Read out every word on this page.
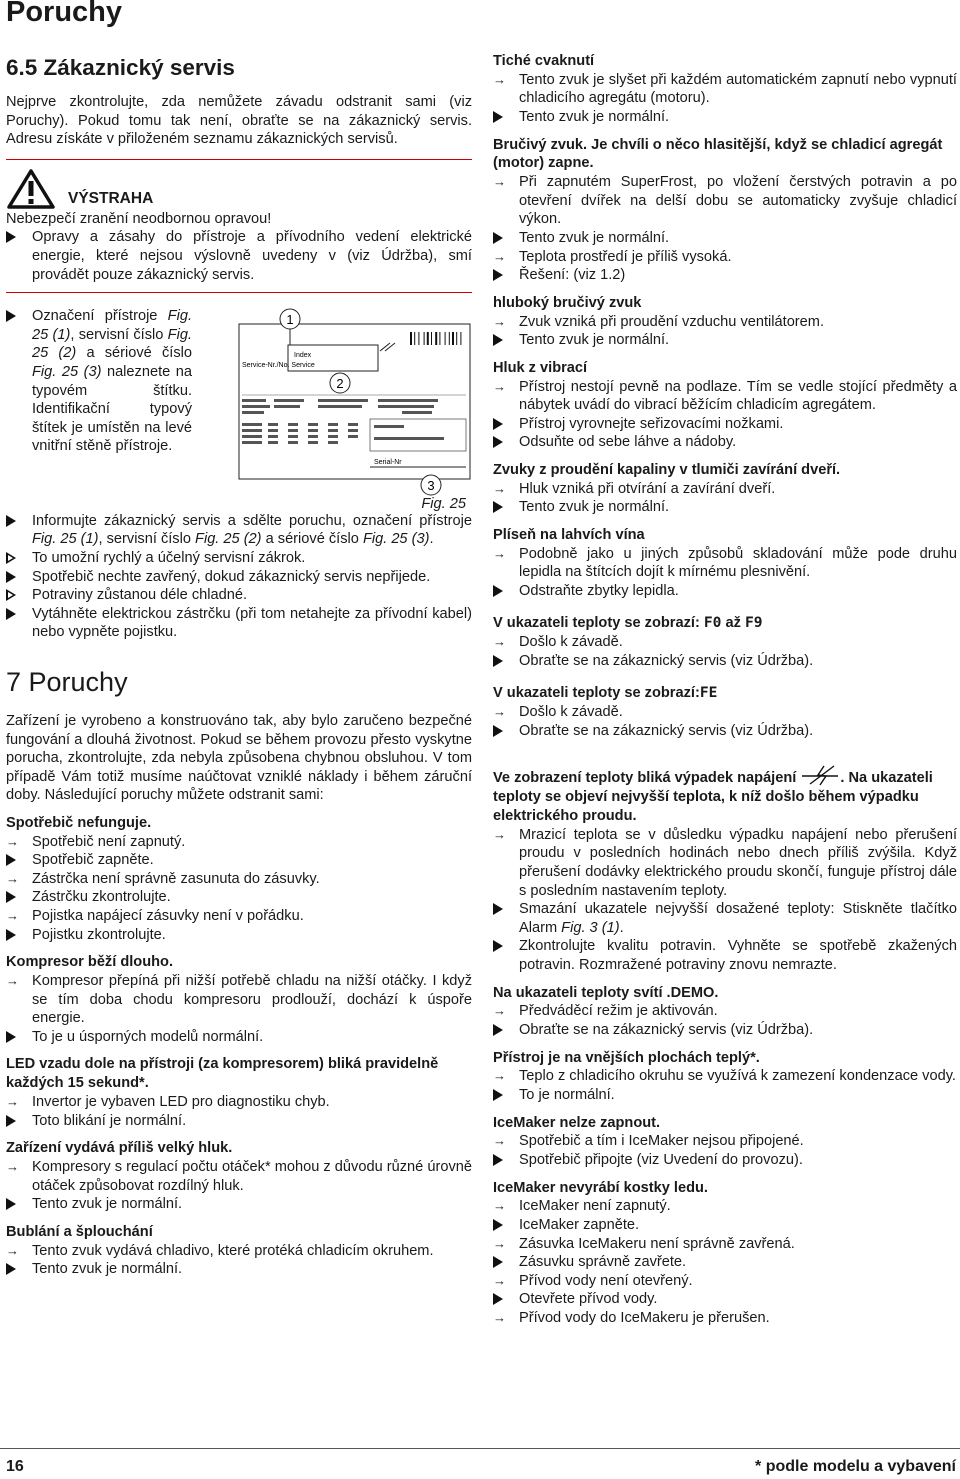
Poruchy
6.5 Zákaznický servis

Nejprve zkontrolujte, zda nemůžete závadu odstranit sami (viz Poruchy). Pokud tomu tak není, obraťte se na zákaznický servis. Adresu získáte v přiloženém seznamu zákaznických servisů.

VÝSTRAHA

Nebezpečí zranění neodbornou opravou!

Opravy a zásahy do přístroje a přívodního vedení elektrické energie, které nejsou výslovně uvedeny v (viz Údržba), smí provádět pouze zákaznický servis.
Označení přístroje Fig. 25 (1), servisní číslo Fig. 25 (2) a sériové číslo Fig. 25 (3) naleznete na typovém štítku. Identifikační typový štítek je umístěn na levé vnitřní stěně přístroje.
1
Index
Service-Nr./No. Service
2
Serial-Nr
3
Fig. 25
Informujte zákaznický servis a sdělte poruchu, označení přístroje Fig. 25 (1), servisní číslo Fig. 25 (2) a sériové číslo Fig. 25 (3).
To umožní rychlý a účelný servisní zákrok.
Spotřebič nechte zavřený, dokud zákaznický servis nepřijede.
Potraviny zůstanou déle chladné.
Vytáhněte elektrickou zástrčku (při tom netahejte za přívodní kabel) nebo vypněte pojistku.
7 Poruchy

Zařízení je vyrobeno a konstruováno tak, aby bylo zaručeno bezpečné fungování a dlouhá životnost. Pokud se během provozu přesto vyskytne porucha, zkontrolujte, zda nebyla způsobena chybnou obsluhou. V tom případě Vám totiž musíme naúčtovat vzniklé náklady i během záruční doby. Následující poruchy můžete odstranit sami:

Spotřebič nefunguje.
→ Spotřebič není zapnutý.
Spotřebič zapněte.
→ Zástrčka není správně zasunuta do zásuvky.
Zástrčku zkontrolujte.
→ Pojistka napájecí zásuvky není v pořádku.
Pojistku zkontrolujte.
Kompresor běží dlouho.
→ Kompresor přepíná při nižší potřebě chladu na nižší otáčky. I když se tím doba chodu kompresoru prodlouží, dochází k úspoře energie.
To je u úsporných modelů normální.
LED vzadu dole na přístroji (za kompresorem) bliká pravidelně každých 15 sekund*.
→ Invertor je vybaven LED pro diagnostiku chyb.
Toto blikání je normální.
Zařízení vydává příliš velký hluk.
→ Kompresory s regulací počtu otáček* mohou z důvodu různé úrovně otáček způsobovat rozdílný hluk.
Tento zvuk je normální.
Bublání a šplouchání
→ Tento zvuk vydává chladivo, které protéká chladicím okruhem.
Tento zvuk je normální.
Tiché cvaknutí
→ Tento zvuk je slyšet při každém automatickém zapnutí nebo vypnutí chladicího agregátu (motoru).
Tento zvuk je normální.
Bručivý zvuk. Je chvíli o něco hlasitější, když se chladicí agregát (motor) zapne.
→ Při zapnutém SuperFrost, po vložení čerstvých potravin a po otevření dvířek na delší dobu se automaticky zvyšuje chladicí výkon.
Tento zvuk je normální.
→ Teplota prostředí je příliš vysoká.
Řešení: (viz 1.2)
hluboký bručivý zvuk
→ Zvuk vzniká při proudění vzduchu ventilátorem.
Tento zvuk je normální.
Hluk z vibrací
→ Přístroj nestojí pevně na podlaze. Tím se vedle stojící předměty a nábytek uvádí do vibrací běžícím chladicím agregátem.
Přístroj vyrovnejte seřizovacími nožkami.
Odsuňte od sebe láhve a nádoby.
Zvuky z proudění kapaliny v tlumiči zavírání dveří.
→ Hluk vzniká při otvírání a zavírání dveří.
Tento zvuk je normální.
Plíseň na lahvích vína
→ Podobně jako u jiných způsobů skladování může pode druhu lepidla na štítcích dojít k mírnému plesnivění.
Odstraňte zbytky lepidla.
V ukazateli teploty se zobrazí: F0 až F9
→ Došlo k závadě.
Obraťte se na zákaznický servis (viz Údržba).
V ukazateli teploty se zobrazí:FE
→ Došlo k závadě.
Obraťte se na zákaznický servis (viz Údržba).
Ve zobrazení teploty bliká výpadek napájení	. Na ukazateli teploty se objeví nejvyšší teplota, k níž došlo během výpadku elektrického proudu.
→ Mrazicí teplota se v důsledku výpadku napájení nebo přerušení proudu v posledních hodinách nebo dnech příliš zvýšila. Když přerušení dodávky elektrického proudu skončí, funguje přístroj dále s posledním nastavením teploty.
Smazání ukazatele nejvyšší dosažené teploty: Stiskněte tlačítko Alarm Fig. 3 (1).
Zkontrolujte kvalitu potravin. Vyhněte se spotřebě zkažených potravin. Rozmražené potraviny znovu nemrazte.
Na ukazateli teploty svítí .DEMO.
→ Předváděcí režim je aktivován.
Obraťte se na zákaznický servis (viz Údržba).
Přístroj je na vnějších plochách teplý*.
→ Teplo z chladicího okruhu se využívá k zamezení kondenzace vody.
To je normální.
IceMaker nelze zapnout.
→ Spotřebič a tím i IceMaker nejsou připojené.
Spotřebič připojte (viz Uvedení do provozu).
IceMaker nevyrábí kostky ledu.
→ IceMaker není zapnutý.
IceMaker zapněte.
→ Zásuvka IceMakeru není správně zavřená.
Zásuvku správně zavřete.
→ Přívod vody není otevřený.
Otevřete přívod vody.
→ Přívod vody do IceMakeru je přerušen.
16	* podle modelu a vybavení
